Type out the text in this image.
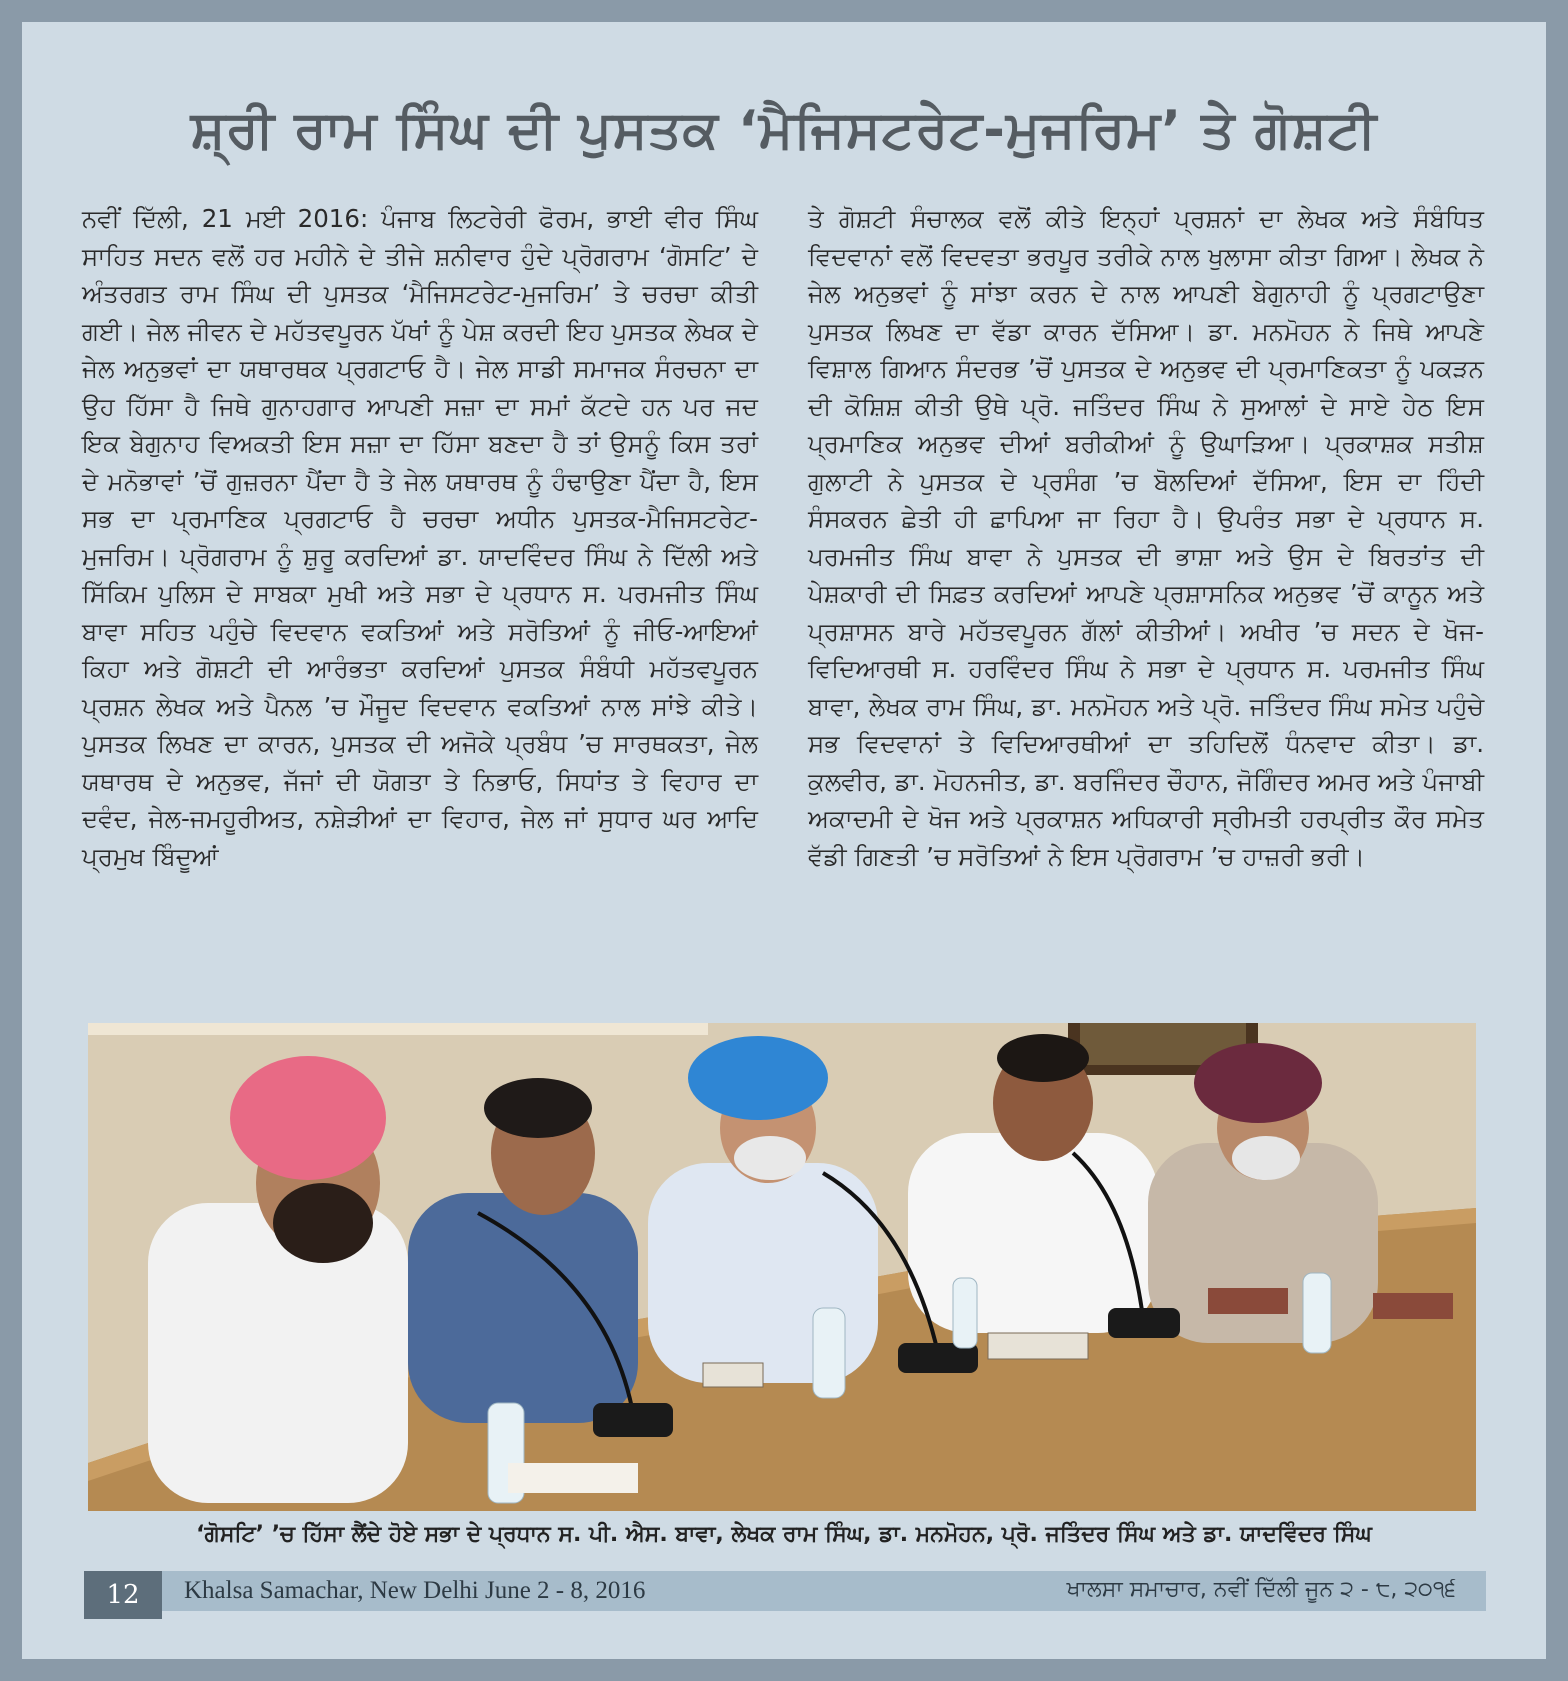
ਸ਼੍ਰੀ ਰਾਮ ਸਿੰਘ ਦੀ ਪੁਸਤਕ ‘ਮੈਜਿਸਟਰੇਟ-ਮੁਜਰਿਮ’ ਤੇ ਗੋਸ਼ਟੀ
ਨਵੀਂ ਦਿੱਲੀ, 21 ਮਈ 2016: ਪੰਜਾਬ ਲਿਟਰੇਰੀ ਫੋਰਮ, ਭਾਈ ਵੀਰ ਸਿੰਘ ਸਾਹਿਤ ਸਦਨ ਵਲੋਂ ਹਰ ਮਹੀਨੇ ਦੇ ਤੀਜੇ ਸ਼ਨੀਵਾਰ ਹੁੰਦੇ ਪ੍ਰੋਗਰਾਮ ‘ਗੋਸਟਿ’ ਦੇ ਅੰਤਰਗਤ ਰਾਮ ਸਿੰਘ ਦੀ ਪੁਸਤਕ ‘ਮੈਜਿਸਟਰੇਟ-ਮੁਜਰਿਮ’ ਤੇ ਚਰਚਾ ਕੀਤੀ ਗਈ। ਜੇਲ ਜੀਵਨ ਦੇ ਮਹੱਤਵਪੂਰਨ ਪੱਖਾਂ ਨੂੰ ਪੇਸ਼ ਕਰਦੀ ਇਹ ਪੁਸਤਕ ਲੇਖਕ ਦੇ ਜੇਲ ਅਨੁਭਵਾਂ ਦਾ ਯਥਾਰਥਕ ਪ੍ਰਗਟਾਓ ਹੈ। ਜੇਲ ਸਾਡੀ ਸਮਾਜਕ ਸੰਰਚਨਾ ਦਾ ਉਹ ਹਿੱਸਾ ਹੈ ਜਿਥੇ ਗੁਨਾਹਗਾਰ ਆਪਣੀ ਸਜ਼ਾ ਦਾ ਸਮਾਂ ਕੱਟਦੇ ਹਨ ਪਰ ਜਦ ਇਕ ਬੇਗੁਨਾਹ ਵਿਅਕਤੀ ਇਸ ਸਜ਼ਾ ਦਾ ਹਿੱਸਾ ਬਣਦਾ ਹੈ ਤਾਂ ਉਸਨੂੰ ਕਿਸ ਤਰਾਂ ਦੇ ਮਨੋਭਾਵਾਂ ’ਚੋਂ ਗੁਜ਼ਰਨਾ ਪੈਂਦਾ ਹੈ ਤੇ ਜੇਲ ਯਥਾਰਥ ਨੂੰ ਹੰਢਾਉਣਾ ਪੈਂਦਾ ਹੈ, ਇਸ ਸਭ ਦਾ ਪ੍ਰਮਾਣਿਕ ਪ੍ਰਗਟਾਓ ਹੈ ਚਰਚਾ ਅਧੀਨ ਪੁਸਤਕ-ਮੈਜਿਸਟਰੇਟ-ਮੁਜਰਿਮ। ਪ੍ਰੋਗਰਾਮ ਨੂੰ ਸ਼ੁਰੂ ਕਰਦਿਆਂ ਡਾ. ਯਾਦਵਿੰਦਰ ਸਿੰਘ ਨੇ ਦਿੱਲੀ ਅਤੇ ਸਿੱਕਿਮ ਪੁਲਿਸ ਦੇ ਸਾਬਕਾ ਮੁਖੀ ਅਤੇ ਸਭਾ ਦੇ ਪ੍ਰਧਾਨ ਸ. ਪਰਮਜੀਤ ਸਿੰਘ ਬਾਵਾ ਸਹਿਤ ਪਹੁੰਚੇ ਵਿਦਵਾਨ ਵਕਤਿਆਂ ਅਤੇ ਸਰੋਤਿਆਂ ਨੂੰ ਜੀਓ-ਆਇਆਂ ਕਿਹਾ ਅਤੇ ਗੋਸ਼ਟੀ ਦੀ ਆਰੰਭਤਾ ਕਰਦਿਆਂ ਪੁਸਤਕ ਸੰਬੰਧੀ ਮਹੱਤਵਪੂਰਨ ਪ੍ਰਸ਼ਨ ਲੇਖਕ ਅਤੇ ਪੈਨਲ ’ਚ ਮੌਜੂਦ ਵਿਦਵਾਨ ਵਕਤਿਆਂ ਨਾਲ ਸਾਂਝੇ ਕੀਤੇ। ਪੁਸਤਕ ਲਿਖਣ ਦਾ ਕਾਰਨ, ਪੁਸਤਕ ਦੀ ਅਜੋਕੇ ਪ੍ਰਬੰਧ ’ਚ ਸਾਰਥਕਤਾ, ਜੇਲ ਯਥਾਰਥ ਦੇ ਅਨੁਭਵ, ਜੱਜਾਂ ਦੀ ਯੋਗਤਾ ਤੇ ਨਿਭਾਓ, ਸਿਧਾਂਤ ਤੇ ਵਿਹਾਰ ਦਾ ਦਵੰਦ, ਜੇਲ-ਜਮਹੂਰੀਅਤ, ਨਸ਼ੇੜੀਆਂ ਦਾ ਵਿਹਾਰ, ਜੇਲ ਜਾਂ ਸੁਧਾਰ ਘਰ ਆਦਿ ਪ੍ਰਮੁਖ ਬਿੰਦੂਆਂ
ਤੇ ਗੋਸ਼ਟੀ ਸੰਚਾਲਕ ਵਲੋਂ ਕੀਤੇ ਇਨ੍ਹਾਂ ਪ੍ਰਸ਼ਨਾਂ ਦਾ ਲੇਖਕ ਅਤੇ ਸੰਬੰਧਿਤ ਵਿਦਵਾਨਾਂ ਵਲੋਂ ਵਿਦਵਤਾ ਭਰਪੂਰ ਤਰੀਕੇ ਨਾਲ ਖੁਲਾਸਾ ਕੀਤਾ ਗਿਆ। ਲੇਖਕ ਨੇ ਜੇਲ ਅਨੁਭਵਾਂ ਨੂੰ ਸਾਂਝਾ ਕਰਨ ਦੇ ਨਾਲ ਆਪਣੀ ਬੇਗੁਨਾਹੀ ਨੂੰ ਪ੍ਰਗਟਾਉਣਾ ਪੁਸਤਕ ਲਿਖਣ ਦਾ ਵੱਡਾ ਕਾਰਨ ਦੱਸਿਆ। ਡਾ. ਮਨਮੋਹਨ ਨੇ ਜਿਥੇ ਆਪਣੇ ਵਿਸ਼ਾਲ ਗਿਆਨ ਸੰਦਰਭ ’ਚੋਂ ਪੁਸਤਕ ਦੇ ਅਨੁਭਵ ਦੀ ਪ੍ਰਮਾਣਿਕਤਾ ਨੂੰ ਪਕੜਨ ਦੀ ਕੋਸ਼ਿਸ਼ ਕੀਤੀ ਉਥੇ ਪ੍ਰੋ. ਜਤਿੰਦਰ ਸਿੰਘ ਨੇ ਸੁਆਲਾਂ ਦੇ ਸਾਏ ਹੇਠ ਇਸ ਪ੍ਰਮਾਣਿਕ ਅਨੁਭਵ ਦੀਆਂ ਬਰੀਕੀਆਂ ਨੂੰ ਉਘਾੜਿਆ। ਪ੍ਰਕਾਸ਼ਕ ਸਤੀਸ਼ ਗੁਲਾਟੀ ਨੇ ਪੁਸਤਕ ਦੇ ਪ੍ਰਸੰਗ ’ਚ ਬੋਲਦਿਆਂ ਦੱਸਿਆ, ਇਸ ਦਾ ਹਿੰਦੀ ਸੰਸਕਰਨ ਛੇਤੀ ਹੀ ਛਾਪਿਆ ਜਾ ਰਿਹਾ ਹੈ। ਉਪਰੰਤ ਸਭਾ ਦੇ ਪ੍ਰਧਾਨ ਸ. ਪਰਮਜੀਤ ਸਿੰਘ ਬਾਵਾ ਨੇ ਪੁਸਤਕ ਦੀ ਭਾਸ਼ਾ ਅਤੇ ਉਸ ਦੇ ਬਿਰਤਾਂਤ ਦੀ ਪੇਸ਼ਕਾਰੀ ਦੀ ਸਿਫ਼ਤ ਕਰਦਿਆਂ ਆਪਣੇ ਪ੍ਰਸ਼ਾਸਨਿਕ ਅਨੁਭਵ ’ਚੋਂ ਕਾਨੂਨ ਅਤੇ ਪ੍ਰਸ਼ਾਸਨ ਬਾਰੇ ਮਹੱਤਵਪੂਰਨ ਗੱਲਾਂ ਕੀਤੀਆਂ। ਅਖੀਰ ’ਚ ਸਦਨ ਦੇ ਖੋਜ-ਵਿਦਿਆਰਥੀ ਸ. ਹਰਵਿੰਦਰ ਸਿੰਘ ਨੇ ਸਭਾ ਦੇ ਪ੍ਰਧਾਨ ਸ. ਪਰਮਜੀਤ ਸਿੰਘ ਬਾਵਾ, ਲੇਖਕ ਰਾਮ ਸਿੰਘ, ਡਾ. ਮਨਮੋਹਨ ਅਤੇ ਪ੍ਰੋ. ਜਤਿੰਦਰ ਸਿੰਘ ਸਮੇਤ ਪਹੁੰਚੇ ਸਭ ਵਿਦਵਾਨਾਂ ਤੇ ਵਿਦਿਆਰਥੀਆਂ ਦਾ ਤਹਿਦਿਲੋਂ ਧੰਨਵਾਦ ਕੀਤਾ। ਡਾ. ਕੁਲਵੀਰ, ਡਾ. ਮੋਹਨਜੀਤ, ਡਾ. ਬਰਜਿੰਦਰ ਚੌਹਾਨ, ਜੋਗਿੰਦਰ ਅਮਰ ਅਤੇ ਪੰਜਾਬੀ ਅਕਾਦਮੀ ਦੇ ਖੋਜ ਅਤੇ ਪ੍ਰਕਾਸ਼ਨ ਅਧਿਕਾਰੀ ਸ੍ਰੀਮਤੀ ਹਰਪ੍ਰੀਤ ਕੌਰ ਸਮੇਤ ਵੱਡੀ ਗਿਣਤੀ ’ਚ ਸਰੋਤਿਆਂ ਨੇ ਇਸ ਪ੍ਰੋਗਰਾਮ ’ਚ ਹਾਜ਼ਰੀ ਭਰੀ।
‘ਗੋਸਟਿ’ ’ਚ ਹਿੱਸਾ ਲੈਂਦੇ ਹੋਏ ਸਭਾ ਦੇ ਪ੍ਰਧਾਨ ਸ. ਪੀ. ਐਸ. ਬਾਵਾ, ਲੇਖਕ ਰਾਮ ਸਿੰਘ, ਡਾ. ਮਨਮੋਹਨ, ਪ੍ਰੋ. ਜਤਿੰਦਰ ਸਿੰਘ ਅਤੇ ਡਾ. ਯਾਦਵਿੰਦਰ ਸਿੰਘ
12	Khalsa Samachar, New Delhi June 2 - 8, 2016	ਖਾਲਸਾ ਸਮਾਚਾਰ, ਨਵੀਂ ਦਿੱਲੀ ਜੂਨ ੨ - ੮, ੨੦੧੬
